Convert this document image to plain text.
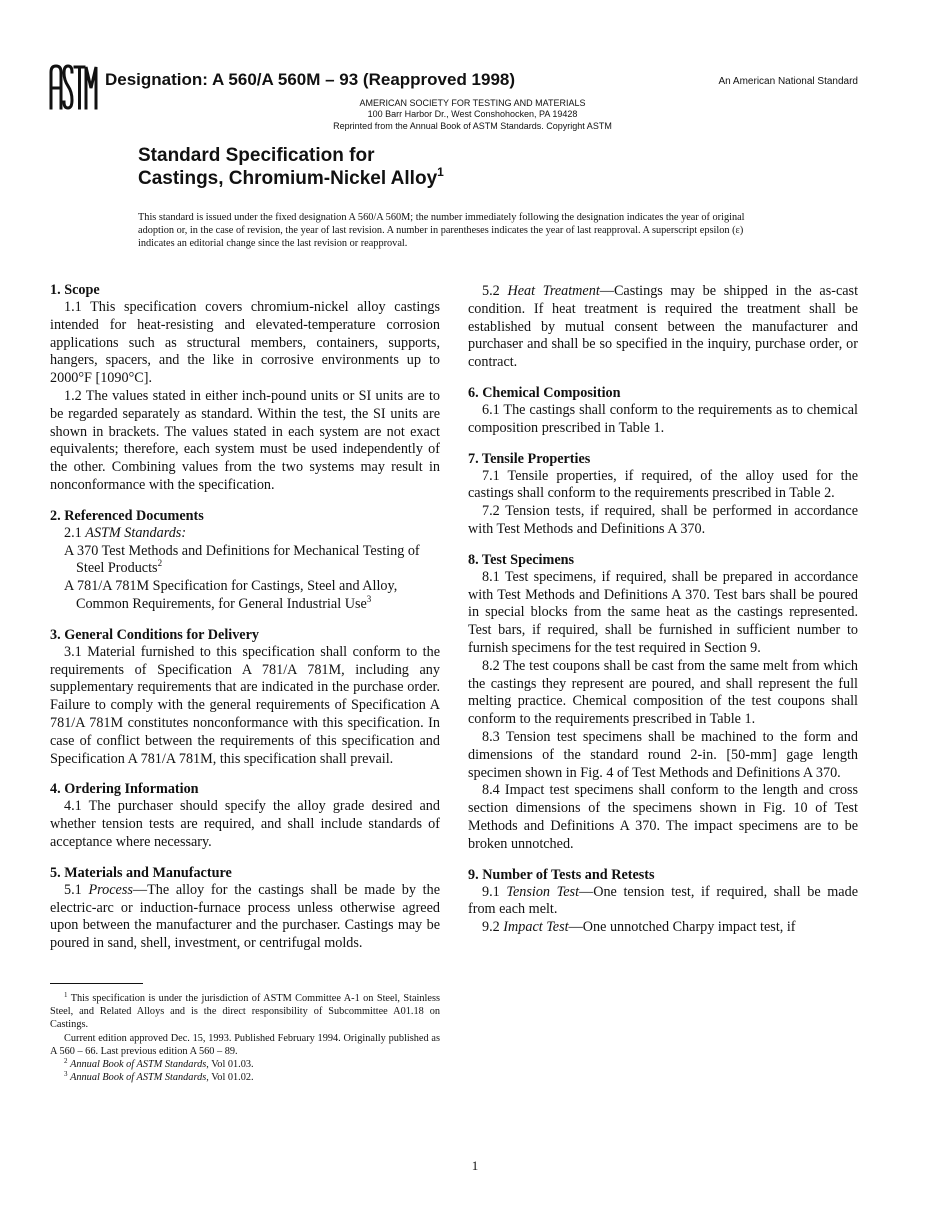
ASTM
Designation: A 560/A 560M – 93 (Reapproved 1998)	An American National Standard
AMERICAN SOCIETY FOR TESTING AND MATERIALS
100 Barr Harbor Dr., West Conshohocken, PA 19428
Reprinted from the Annual Book of ASTM Standards. Copyright ASTM
Standard Specification for
Castings, Chromium-Nickel Alloy$^1$
This standard is issued under the fixed designation A 560/A 560M; the number immediately following the designation indicates the year of original adoption or, in the case of revision, the year of last revision. A number in parentheses indicates the year of last reapproval. A superscript epsilon (ε) indicates an editorial change since the last revision or reapproval.
1. Scope

1.1 This specification covers chromium-nickel alloy castings intended for heat-resisting and elevated-temperature corrosion applications such as structural members, containers, supports, hangers, spacers, and the like in corrosive environments up to 2000°F [1090°C].

1.2 The values stated in either inch-pound units or SI units are to be regarded separately as standard. Within the test, the SI units are shown in brackets. The values stated in each system are not exact equivalents; therefore, each system must be used independently of the other. Combining values from the two systems may result in nonconformance with the specification.

2. Referenced Documents

2.1 ASTM Standards:

A 370 Test Methods and Definitions for Mechanical Testing of Steel Products$^2$

A 781/A 781M Specification for Castings, Steel and Alloy, Common Requirements, for General Industrial Use$^3$

3. General Conditions for Delivery

3.1 Material furnished to this specification shall conform to the requirements of Specification A 781/A 781M, including any supplementary requirements that are indicated in the purchase order. Failure to comply with the general requirements of Specification A 781/A 781M constitutes nonconformance with this specification. In case of conflict between the requirements of this specification and Specification A 781/A 781M, this specification shall prevail.

4. Ordering Information

4.1 The purchaser should specify the alloy grade desired and whether tension tests are required, and shall include standards of acceptance where necessary.

5. Materials and Manufacture

5.1 Process—The alloy for the castings shall be made by the electric-arc or induction-furnace process unless otherwise agreed upon between the manufacturer and the purchaser. Castings may be poured in sand, shell, investment, or centrifugal molds.

5.2 Heat Treatment—Castings may be shipped in the as-cast condition. If heat treatment is required the treatment shall be established by mutual consent between the manufacturer and purchaser and shall be so specified in the inquiry, purchase order, or contract.

6. Chemical Composition

6.1 The castings shall conform to the requirements as to chemical composition prescribed in Table 1.

7. Tensile Properties

7.1 Tensile properties, if required, of the alloy used for the castings shall conform to the requirements prescribed in Table 2.

7.2 Tension tests, if required, shall be performed in accordance with Test Methods and Definitions A 370.

8. Test Specimens

8.1 Test specimens, if required, shall be prepared in accordance with Test Methods and Definitions A 370. Test bars shall be poured in special blocks from the same heat as the castings represented. Test bars, if required, shall be furnished in sufficient number to furnish specimens for the test required in Section 9.

8.2 The test coupons shall be cast from the same melt from which the castings they represent are poured, and shall represent the full melting practice. Chemical composition of the test coupons shall conform to the requirements prescribed in Table 1.

8.3 Tension test specimens shall be machined to the form and dimensions of the standard round 2-in. [50-mm] gage length specimen shown in Fig. 4 of Test Methods and Definitions A 370.

8.4 Impact test specimens shall conform to the length and cross section dimensions of the specimens shown in Fig. 10 of Test Methods and Definitions A 370. The impact specimens are to be broken unnotched.

9. Number of Tests and Retests

9.1 Tension Test—One tension test, if required, shall be made from each melt.

9.2 Impact Test—One unnotched Charpy impact test, if

$^1$ This specification is under the jurisdiction of ASTM Committee A-1 on Steel, Stainless Steel, and Related Alloys and is the direct responsibility of Subcommittee A01.18 on Castings.

Current edition approved Dec. 15, 1993. Published February 1994. Originally published as A 560 – 66. Last previous edition A 560 – 89.

$^2$ Annual Book of ASTM Standards, Vol 01.03.

$^3$ Annual Book of ASTM Standards, Vol 01.02.

1
